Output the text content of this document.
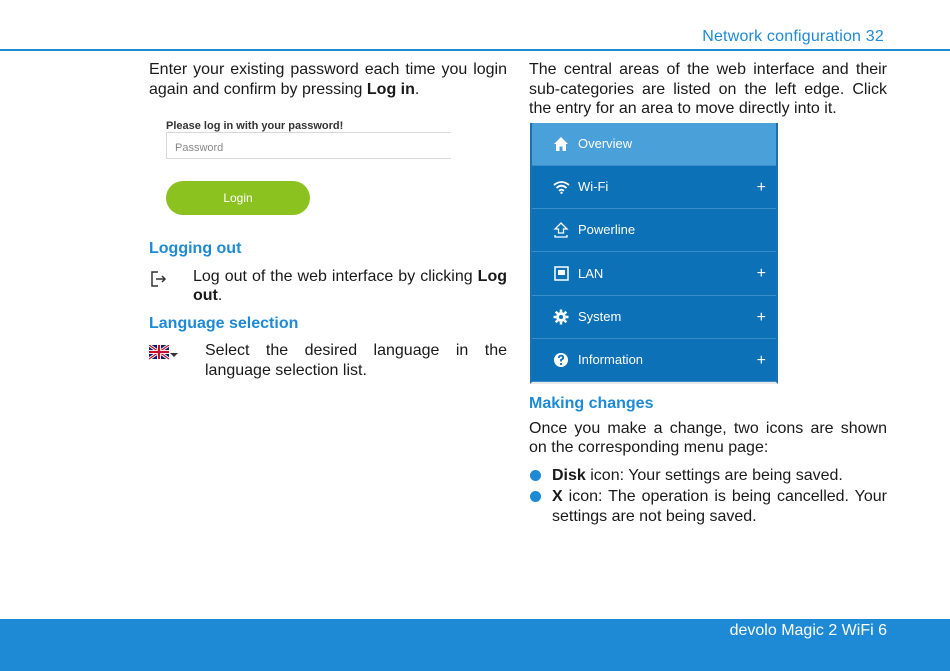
Network configuration 32

Enter your existing password each time you login again and confirm by pressing Log in.

Please log in with your password!
Password
Login
Logging out

Log out of the web interface by clicking Log out.

Language selection

Select the desired language in the language selection list.

The central areas of the web interface and their sub-categories are listed on the left edge. Click the entry for an area to move directly into it.

Overview
Wi-Fi	+
Powerline
LAN	+
System	+
Information	+
Making changes

Once you make a change, two icons are shown on the corresponding menu page:

Disk icon: Your settings are being saved.
X icon: The operation is being cancelled. Your settings are not being saved.
devolo Magic 2 WiFi 6
